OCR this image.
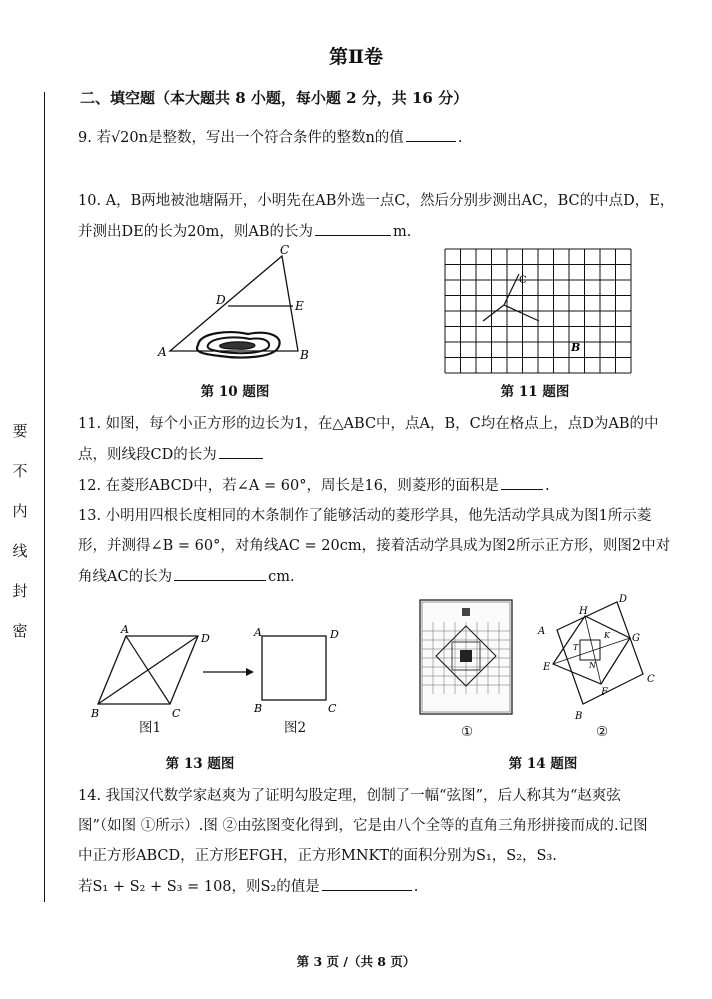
要
不
内
线
封
密
第Ⅱ卷
二、填空题（本大题共 8 小题，每小题 2 分，共 16 分）
9. 若√20n是整数，写出一个符合条件的整数n的值	.
10. A，B两地被池塘隔开，小明先在AB外选一点C，然后分别步测出AC，BC的中点D，E，
并测出DE的长为20m，则AB的长为	m.
A	B
C
D	E
第 10 题图
C
B
第 11 题图
11. 如图，每个小正方形的边长为1，在△ABC中，点A，B，C均在格点上，点D为AB的中
点，则线段CD的长为
12. 在菱形ABCD中，若∠A = 60°，周长是16，则菱形的面积是	.
13. 小明用四根长度相同的木条制作了能够活动的菱形学具，他先活动学具成为图1所示菱
形，并测得∠B = 60°，对角线AC = 20cm，接着活动学具成为图2所示正方形，则图2中对
角线AC的长为	cm.
A
D
B	C
A	D
B	C
图1	图2
第 13 题图
A
B
C
D
E
F
G
H
K
T
N
①	②
第 14 题图
14. 我国汉代数学家赵爽为了证明勾股定理，创制了一幅“弦图”，后人称其为“赵爽弦
图”（如图 ①所示）.图 ②由弦图变化得到，它是由八个全等的直角三角形拼接而成的.记图
中正方形ABCD，正方形EFGH，正方形MNKT的面积分别为S₁，S₂，S₃.
若S₁ + S₂ + S₃ = 108，则S₂的值是	.
第 3 页 /（共 8 页）
